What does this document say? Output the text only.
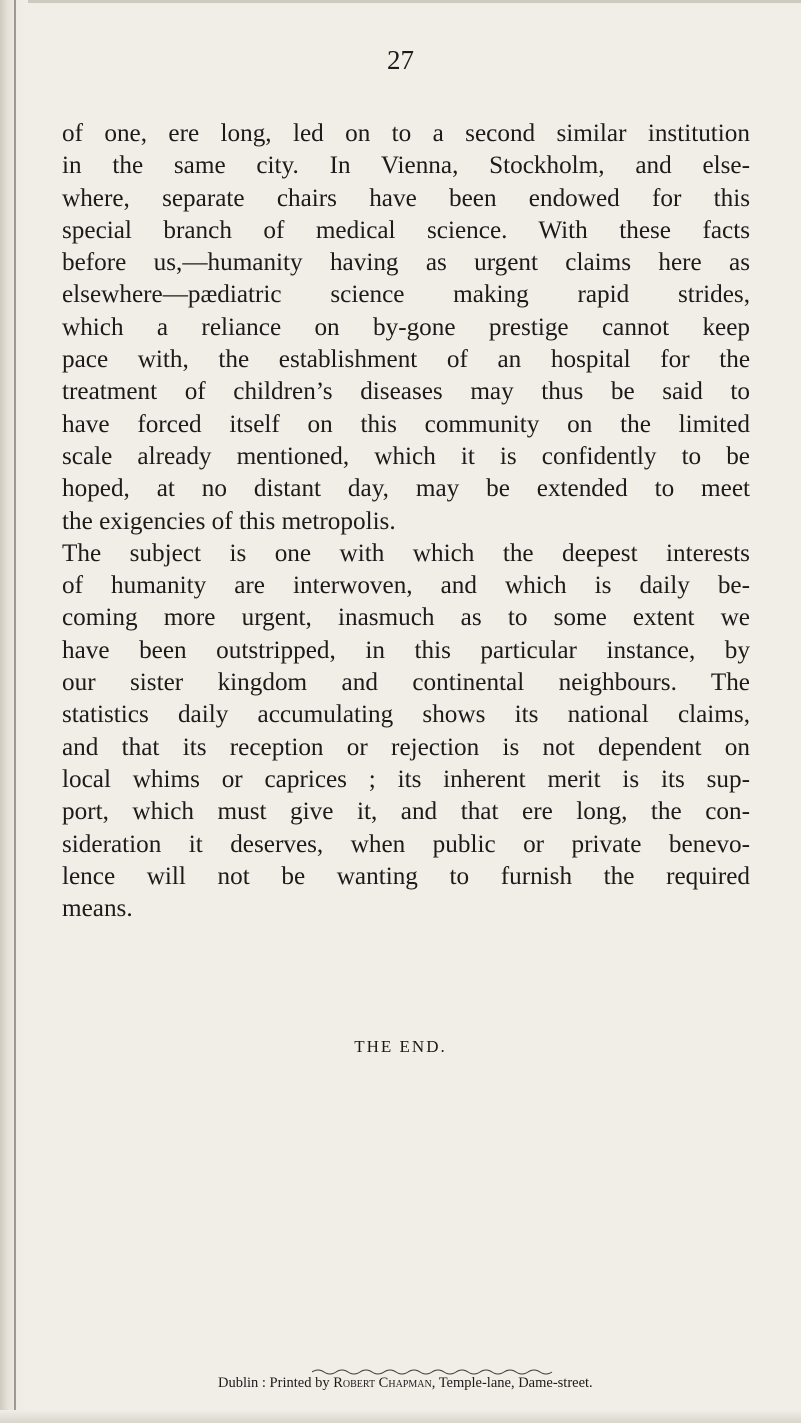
27
of one, ere long, led on to a second similar institution
in the same city. In Vienna, Stockholm, and else-
where, separate chairs have been endowed for this
special branch of medical science. With these facts
before us,—humanity having as urgent claims here as
elsewhere—pædiatric science making rapid strides,
which a reliance on by-gone prestige cannot keep
pace with, the establishment of an hospital for the
treatment of children’s diseases may thus be said to
have forced itself on this community on the limited
scale already mentioned, which it is confidently to be
hoped, at no distant day, may be extended to meet
the exigencies of this metropolis.
The subject is one with which the deepest interests
of humanity are interwoven, and which is daily be-
coming more urgent, inasmuch as to some extent we
have been outstripped, in this particular instance, by
our sister kingdom and continental neighbours. The
statistics daily accumulating shows its national claims,
and that its reception or rejection is not dependent on
local whims or caprices ; its inherent merit is its sup-
port, which must give it, and that ere long, the con-
sideration it deserves, when public or private benevo-
lence will not be wanting to furnish the required
means.
THE END.
Dublin : Printed by Robert Chapman, Temple-lane, Dame-street.
